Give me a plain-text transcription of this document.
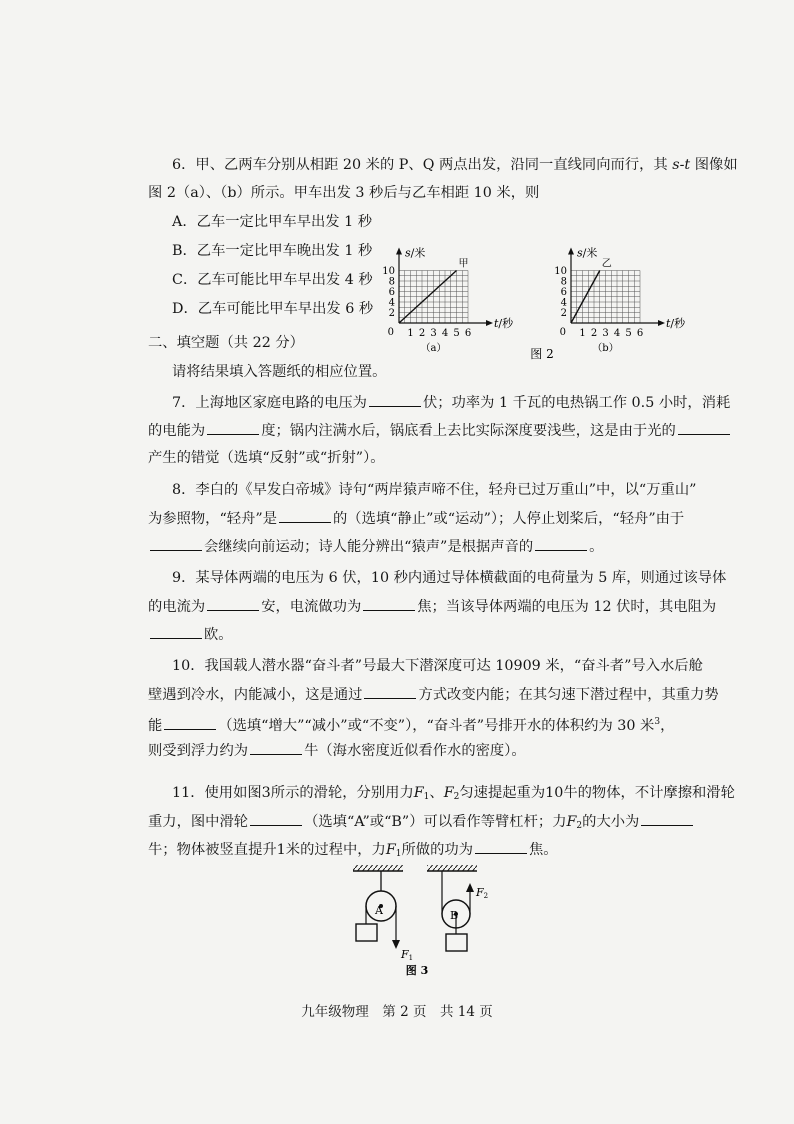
6．甲、乙两车分别从相距 20 米的 P、Q 两点出发，沿同一直线同向而行，其 s-t 图像如
图 2（a）、（b）所示。甲车出发 3 秒后与乙车相距 10 米，则
A．乙车一定比甲车早出发 1 秒
B．乙车一定比甲车晚出发 1 秒
C．乙车可能比甲车早出发 4 秒
D．乙车可能比甲车早出发 6 秒 2
4
6
8
10
1 2 3 4 5 6
0
s/米
t/秒
甲
（a）
2
4
6
8
10
1 2 3 4 5 6
0
s/米
t/秒
乙
（b）
图 2
二、填空题（共 22 分）
请将结果填入答题纸的相应位置。
7．上海地区家庭电路的电压为	伏；功率为 1 千瓦的电热锅工作 0.5 小时，消耗
的电能为	度；锅内注满水后，锅底看上去比实际深度要浅些，这是由于光的
产生的错觉（选填“反射”或“折射”）。
8．李白的《早发白帝城》诗句“两岸猿声啼不住，轻舟已过万重山”中，以“万重山”
为参照物，“轻舟”是	的（选填“静止”或“运动”）；人停止划桨后，“轻舟”由于
会继续向前运动；诗人能分辨出“猿声”是根据声音的	。
9．某导体两端的电压为 6 伏，10 秒内通过导体横截面的电荷量为 5 库，则通过该导体
的电流为	安，电流做功为	焦；当该导体两端的电压为 12 伏时，其电阻为
欧。
10．我国载人潜水器“奋斗者”号最大下潜深度可达 10909 米，“奋斗者”号入水后舱
壁遇到冷水，内能减小，这是通过	方式改变内能；在其匀速下潜过程中，其重力势
能	（选填“增大”“减小”或“不变”），“奋斗者”号排开水的体积约为 30 米$^3$，
则受到浮力约为	牛（海水密度近似看作水的密度）。
11．使用如图3所示的滑轮，分别用力$F_1$、$F_2$匀速提起重为10牛的物体，不计摩擦和滑轮
重力，图中滑轮	（选填“A”或“B”）可以看作等臂杠杆；力$F_2$的大小为
牛；物体被竖直提升1米的过程中，力$F_1$所做的功为	焦。
A
F1
F2
B
图 3
九年级物理　第 2 页　共 14 页
